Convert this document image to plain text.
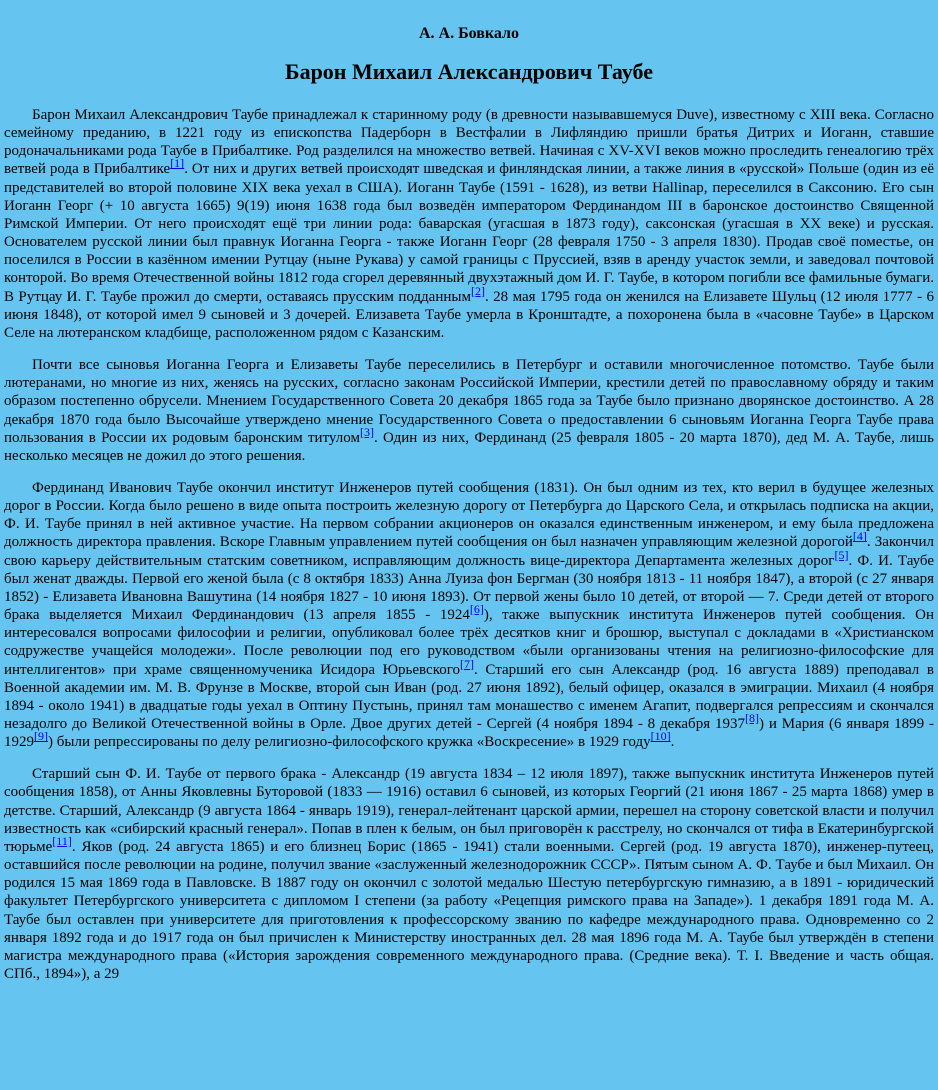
А. А. Бовкало
Барон Михаил Александрович Таубе

Барон Михаил Александрович Таубе принадлежал к старинному роду (в древности называвшемуся Duve), известному с XIII века. Согласно семейному преданию, в 1221 году из епископства Падерборн в Вестфалии в Лифляндию пришли братья Дитрих и Иоганн, ставшие родоначальниками рода Таубе в Прибалтике. Род разделился на множество ветвей. Начиная с XV-XVI веков можно проследить генеалогию трёх ветвей рода в Прибалтике[1]. От них и других ветвей происходят шведская и финляндская линии, а также линия в «русской» Польше (один из её представителей во второй половине XIX века уехал в США). Иоганн Таубе (1591 - 1628), из ветви Hallinap, переселился в Саксонию. Его сын Иоганн Георг (+ 10 августа 1665) 9(19) июня 1638 года был возведён императором Фердинандом III в баронское достоинство Священной Римской Империи. От него происходят ещё три линии рода: баварская (угасшая в 1873 году), саксонская (угасшая в XX веке) и русская. Основателем русской линии был правнук Иоганна Георга - также Иоганн Георг (28 февраля 1750 - 3 апреля 1830). Продав своё поместье, он поселился в России в казённом имении Рутцау (ныне Рукава) у самой границы с Пруссией, взяв в аренду участок земли, и заведовал почтовой конторой. Во время Отечественной войны 1812 года сгорел деревянный двухэтажный дом И. Г. Таубе, в котором погибли все фамильные бумаги. В Рутцау И. Г. Таубе прожил до смерти, оставаясь прусским подданным[2]. 28 мая 1795 года он женился на Елизавете Шульц (12 июля 1777 - 6 июня 1848), от которой имел 9 сыновей и 3 дочерей. Елизавета Таубе умерла в Кронштадте, а похоронена была в «часовне Таубе» в Царском Селе на лютеранском кладбище, расположенном рядом с Казанским.

Почти все сыновья Иоганна Георга и Елизаветы Таубе переселились в Петербург и оставили многочисленное потомство. Таубе были лютеранами, но многие из них, женясь на русских, согласно законам Российской Империи, крестили детей по православному обряду и таким образом постепенно обрусели. Мнением Государственного Совета 20 декабря 1865 года за Таубе было признано дворянское достоинство. А 28 декабря 1870 года было Высочайше утверждено мнение Государственного Совета о предоставлении 6 сыновьям Иоганна Георга Таубе права пользования в России их родовым баронским титулом[3]. Один из них, Фердинанд (25 февраля 1805 - 20 марта 1870), дед М. А. Таубе, лишь несколько месяцев не дожил до этого решения.

Фердинанд Иванович Таубе окончил институт Инженеров путей сообщения (1831). Он был одним из тех, кто верил в будущее железных дорог в России. Когда было решено в виде опыта построить железную дорогу от Петербурга до Царского Села, и открылась подписка на акции, Ф. И. Таубе принял в ней активное участие. На первом собрании акционеров он оказался единственным инженером, и ему была предложена должность директора правления. Вскоре Главным управлением путей сообщения он был назначен управляющим железной дорогой[4]. Закончил свою карьеру действительным статским советником, исправляющим должность вице-директора Департамента железных дорог[5]. Ф. И. Таубе был женат дважды. Первой его женой была (с 8 октября 1833) Анна Луиза фон Бергман (30 ноября 1813 - 11 ноября 1847), а второй (с 27 января 1852) - Елизавета Ивановна Вашутина (14 ноября 1827 - 10 июня 1893). От первой жены было 10 детей, от второй — 7. Среди детей от второго брака выделяется Михаил Фердинандович (13 апреля 1855 - 1924[6]), также выпускник института Инженеров путей сообщения. Он интересовался вопросами философии и религии, опубликовал более трёх десятков книг и брошюр, выступал с докладами в «Христианском содружестве учащейся молодежи». После революции под его руководством «были организованы чтения на религиозно-философские для интеллигентов» при храме священномученика Исидора Юрьевского[7]. Старший его сын Александр (род. 16 августа 1889) преподавал в Военной академии им. М. В. Фрунзе в Москве, второй сын Иван (род. 27 июня 1892), белый офицер, оказался в эмиграции. Михаил (4 ноября 1894 - около 1941) в двадцатые годы уехал в Оптину Пустынь, принял там монашество с именем Агапит, подвергался репрессиям и скончался незадолго до Великой Отечественной войны в Орле. Двое других детей - Сергей (4 ноября 1894 - 8 декабря 1937[8]) и Мария (6 января 1899 - 1929[9]) были репрессированы по делу религиозно-философского кружка «Воскресение» в 1929 году[10].

Старший сын Ф. И. Таубе от первого брака - Александр (19 августа 1834 – 12 июля 1897), также выпускник института Инженеров путей сообщения 1858), от Анны Яковлевны Буторовой (1833 — 1916) оставил 6 сыновей, из которых Георгий (21 июня 1867 - 25 марта 1868) умер в детстве. Старший, Александр (9 августа 1864 - январь 1919), генерал-лейтенант царской армии, перешел на сторону советской власти и получил известность как «сибирский красный генерал». Попав в плен к белым, он был приговорён к расстрелу, но скончался от тифа в Екатеринбургской тюрьме[11]. Яков (род. 24 августа 1865) и его близнец Борис (1865 - 1941) стали военными. Сергей (род. 19 августа 1870), инженер-путеец, оставшийся после революции на родине, получил звание «заслуженный железнодорожник СССР». Пятым сыном А. Ф. Таубе и был Михаил. Он родился 15 мая 1869 года в Павловске. В 1887 году он окончил с золотой медалью Шестую петербургскую гимназию, а в 1891 - юридический факультет Петербургского университета с дипломом I степени (за работу «Рецепция римского права на Западе»). 1 декабря 1891 года М. А. Таубе был оставлен при университете для приготовления к профессорскому званию по кафедре международного права. Одновременно со 2 января 1892 года и до 1917 года он был причислен к Министерству иностранных дел. 28 мая 1896 года М. А. Таубе был утверждён в степени магистра международного права («История зарождения современного международного права. (Средние века). Т. I. Введение и часть общая. СПб., 1894»), а 29
